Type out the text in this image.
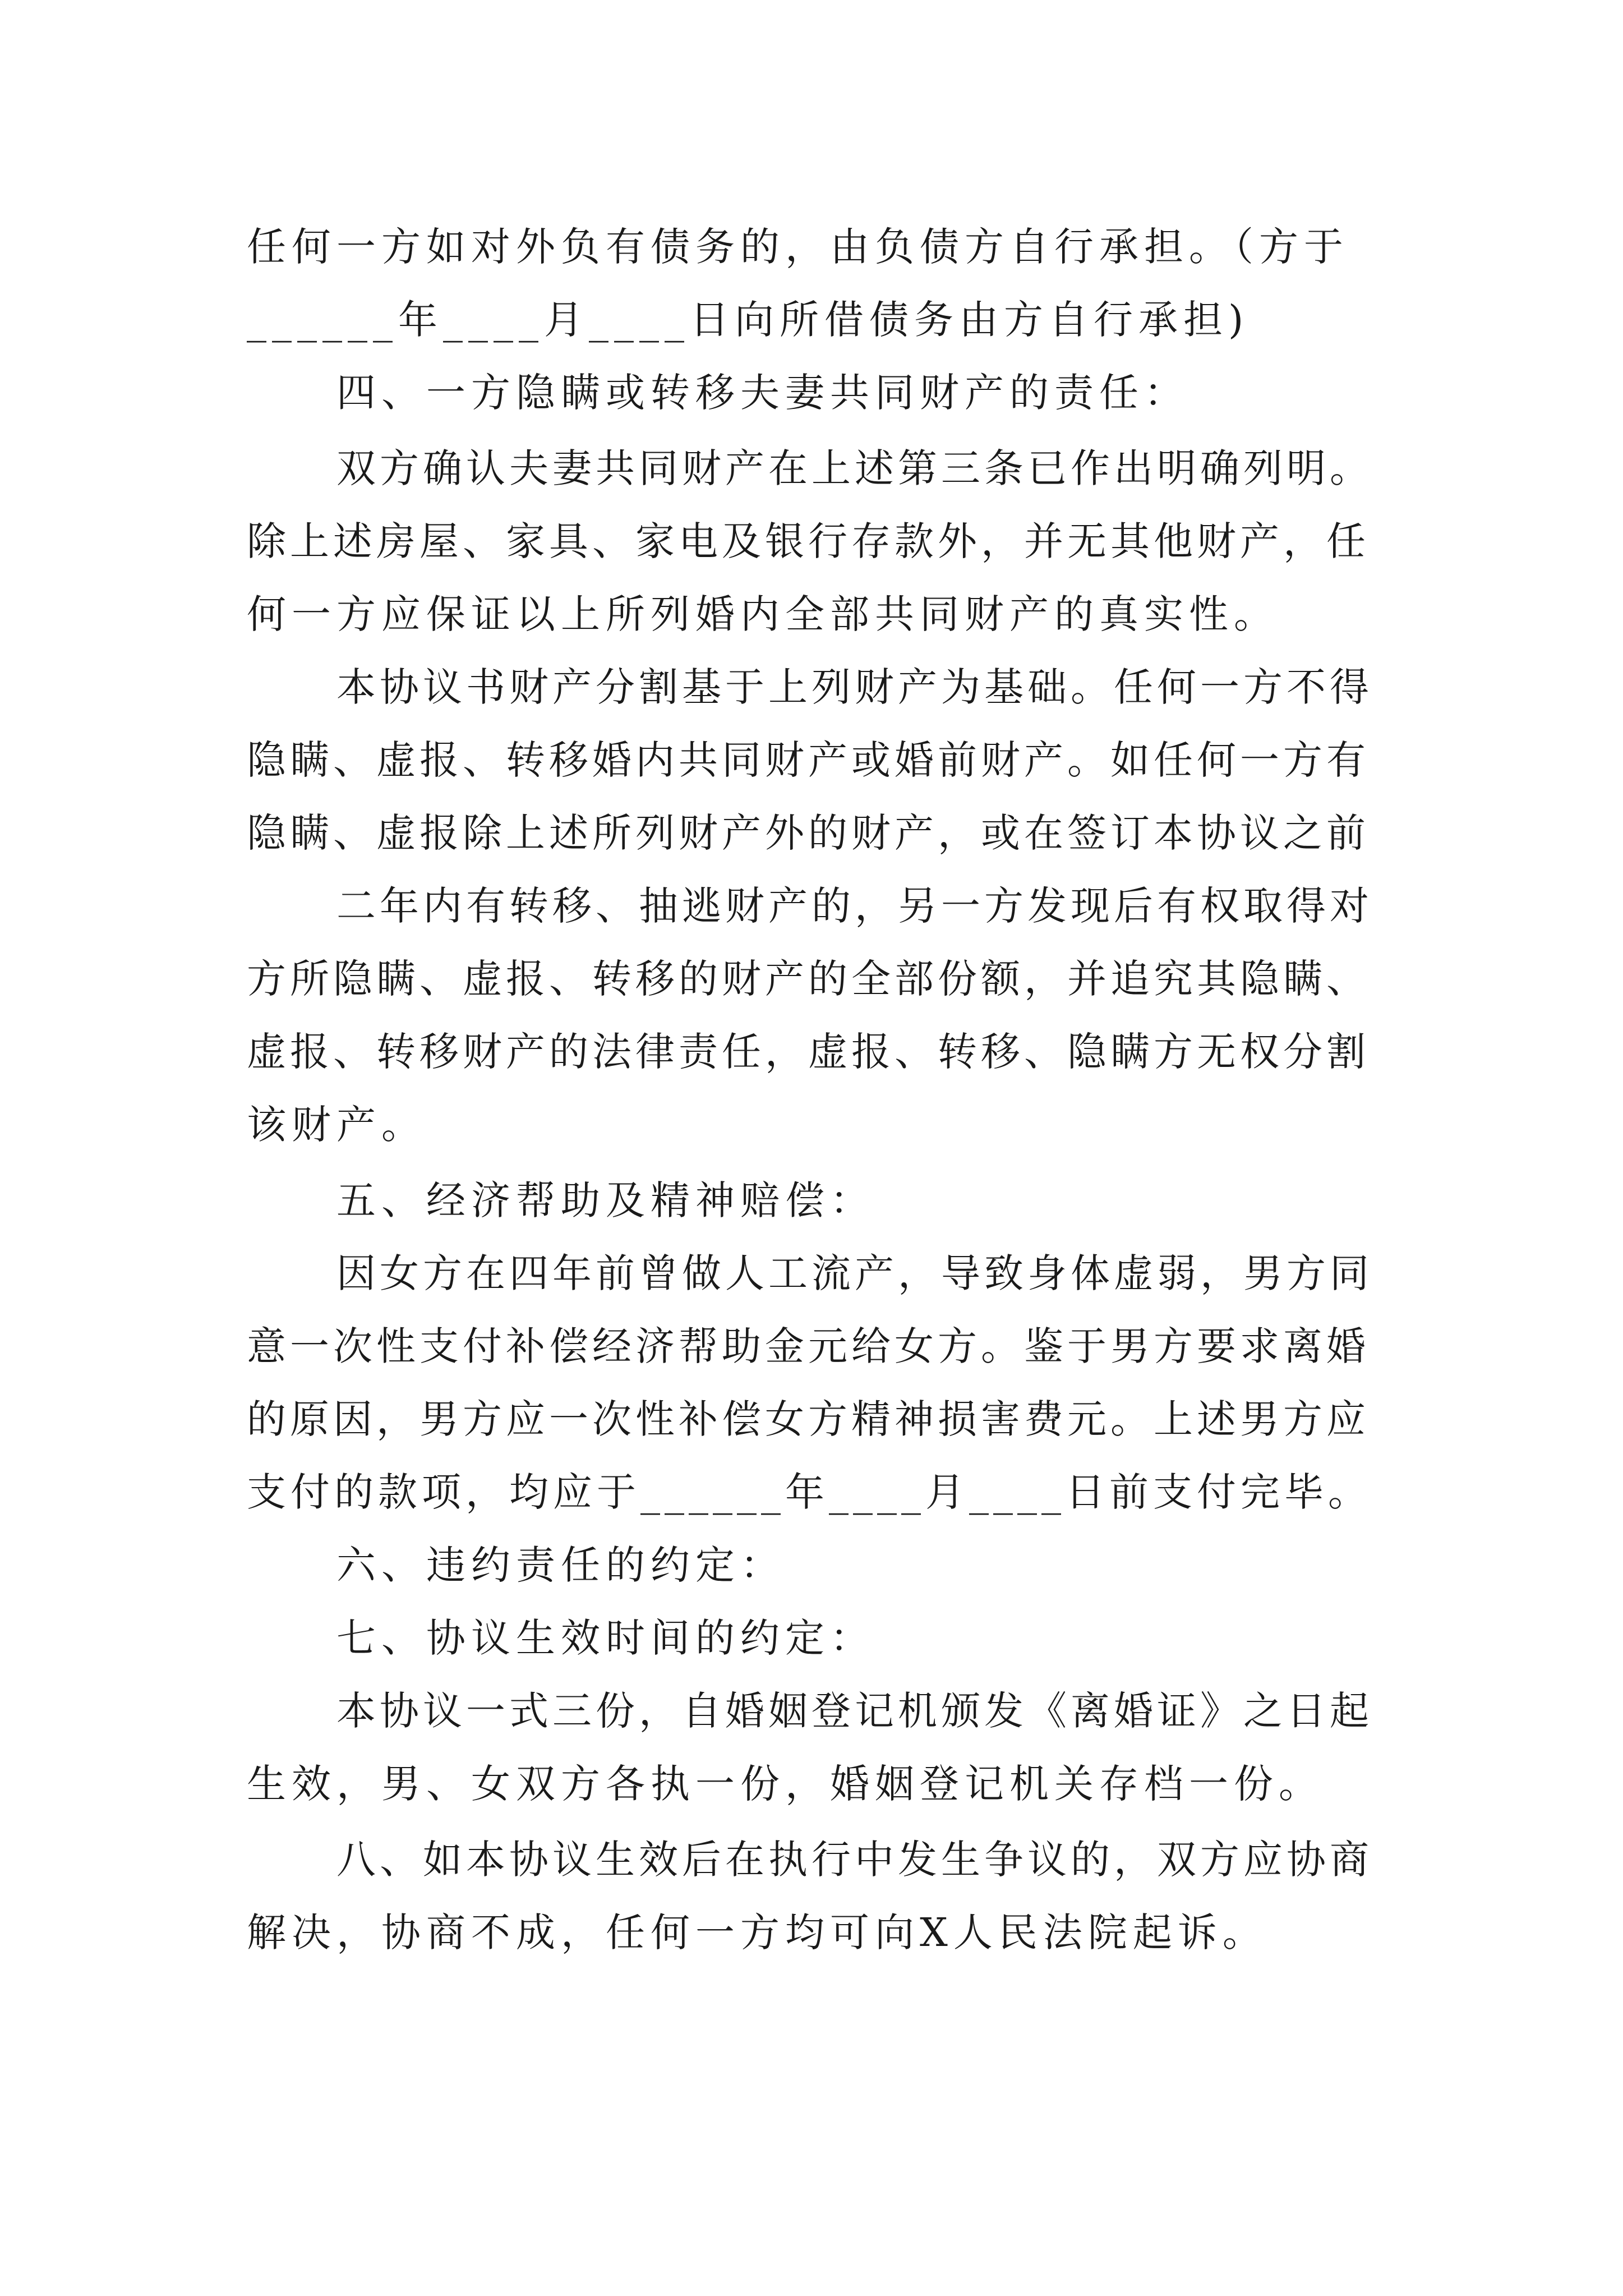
任何一方如对外负有债务的，由负债方自行承担。（方于
______年____月____日向所借债务由方自行承担)
四、一方隐瞒或转移夫妻共同财产的责任：
双方确认夫妻共同财产在上述第三条已作出明确列明。
除上述房屋、家具、家电及银行存款外，并无其他财产，任
何一方应保证以上所列婚内全部共同财产的真实性。
本协议书财产分割基于上列财产为基础。任何一方不得
隐瞒、虚报、转移婚内共同财产或婚前财产。如任何一方有
隐瞒、虚报除上述所列财产外的财产，或在签订本协议之前
二年内有转移、抽逃财产的，另一方发现后有权取得对
方所隐瞒、虚报、转移的财产的全部份额，并追究其隐瞒、
虚报、转移财产的法律责任，虚报、转移、隐瞒方无权分割
该财产。
五、经济帮助及精神赔偿：
因女方在四年前曾做人工流产，导致身体虚弱，男方同
意一次性支付补偿经济帮助金元给女方。鉴于男方要求离婚
的原因，男方应一次性补偿女方精神损害费元。上述男方应
支付的款项，均应于______年____月____日前支付完毕。
六、违约责任的约定：
七、协议生效时间的约定：
本协议一式三份，自婚姻登记机颁发《离婚证》之日起
生效，男、女双方各执一份，婚姻登记机关存档一份。
八、如本协议生效后在执行中发生争议的，双方应协商
解决，协商不成，任何一方均可向X人民法院起诉。
